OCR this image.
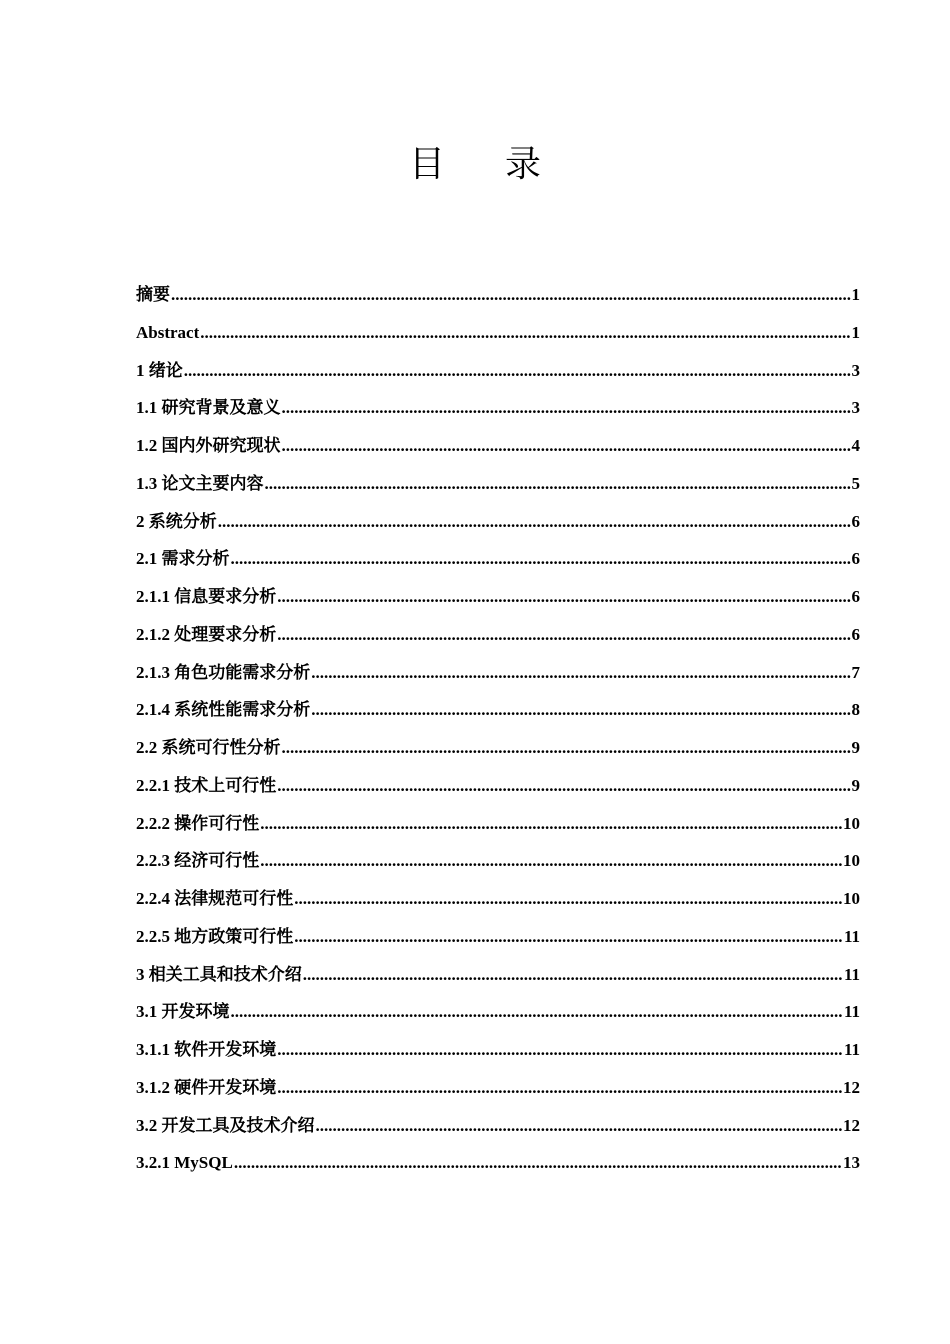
目录
摘要 .....	1
Abstract .....	1
1 绪论 .....	3
1.1 研究背景及意义 .....	3
1.2 国内外研究现状 .....	4
1.3 论文主要内容 .....	5
2 系统分析 .....	6
2.1 需求分析 .....	6
2.1.1 信息要求分析 .....	6
2.1.2 处理要求分析 .....	6
2.1.3 角色功能需求分析 .....	7
2.1.4 系统性能需求分析 .....	8
2.2 系统可行性分析 .....	9
2.2.1 技术上可行性 .....	9
2.2.2 操作可行性 .....	10
2.2.3 经济可行性 .....	10
2.2.4 法律规范可行性 .....	10
2.2.5 地方政策可行性 .....	11
3 相关工具和技术介绍 .....	11
3.1 开发环境 .....	11
3.1.1 软件开发环境 .....	11
3.1.2 硬件开发环境 .....	12
3.2 开发工具及技术介绍 .....	12
3.2.1 MySQL .....	13
